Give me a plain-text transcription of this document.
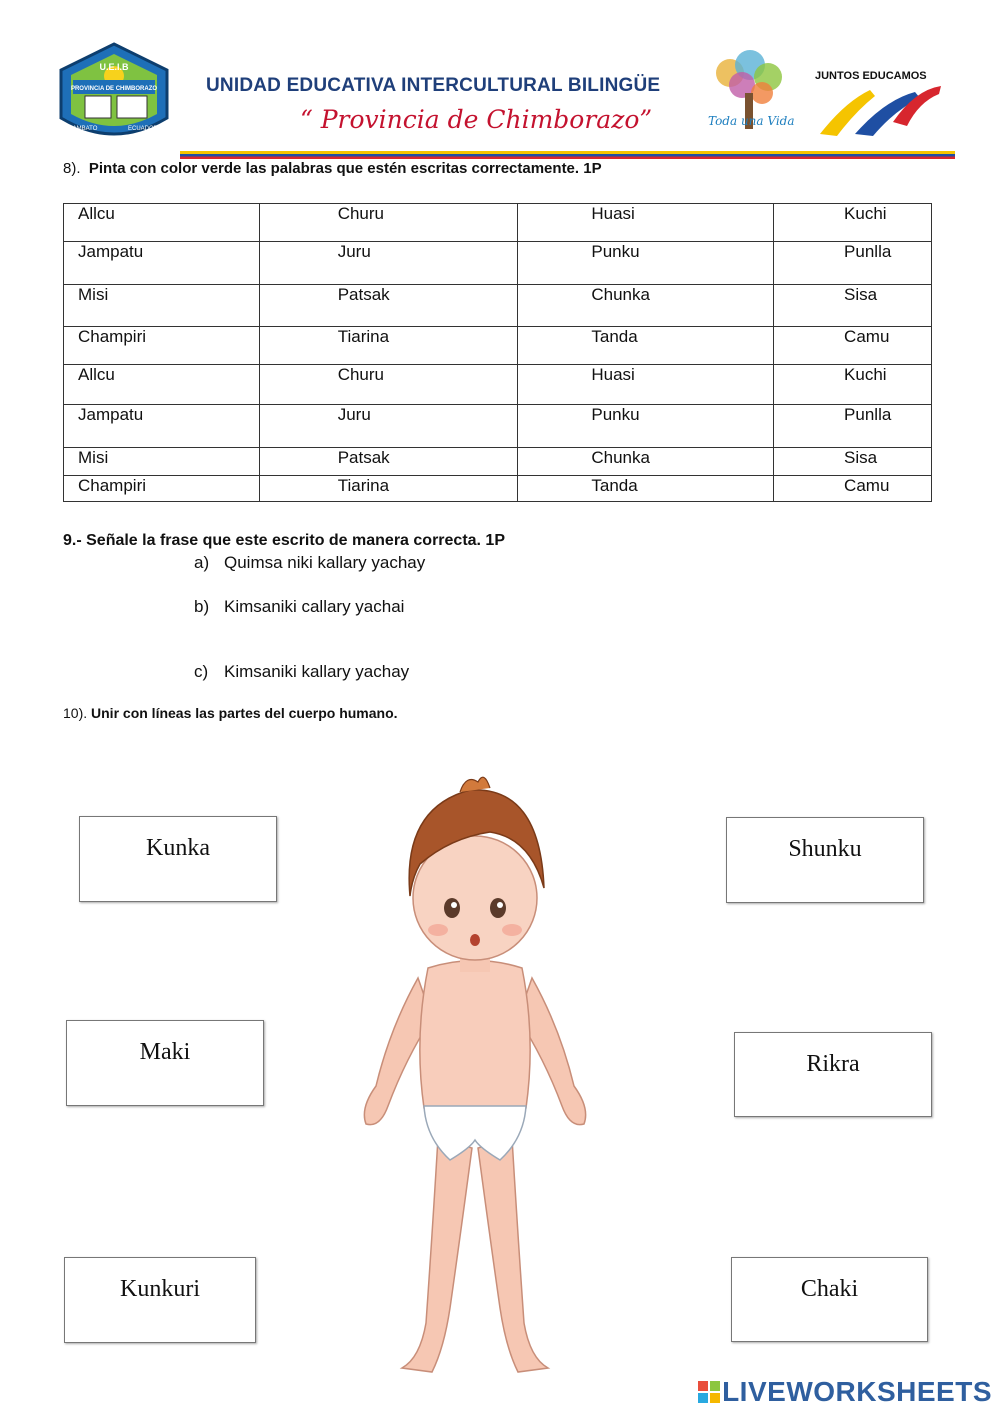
U.E.I.B
PROVINCIA DE CHIMBORAZO
AMBATO	ECUADOR
UNIDAD EDUCATIVA INTERCULTURAL BILINGÜE
“ Provincia de Chimborazo”	Toda una Vida
JUNTOS EDUCAMOS
8). Pinta con color verde las palabras que estén escritas correctamente. 1P
Allcu	Churu	Huasi	Kuchi
Jampatu	Juru	Punku	Punlla
Misi	Patsak	Chunka	Sisa
Champiri	Tiarina	Tanda	Camu
Allcu	Churu	Huasi	Kuchi
Jampatu	Juru	Punku	Punlla
Misi	Patsak	Chunka	Sisa
Champiri	Tiarina	Tanda	Camu
9.- Señale la frase que este escrito de manera correcta. 1P
a) Quimsa niki kallary yachay
b) Kimsaniki callary yachai
c) Kimsaniki kallary yachay
10). Unir con líneas las partes del cuerpo humano.
Kunka
Maki
Kunkuri
Shunku
Rikra
Chaki
LIVEWORKSHEETS
